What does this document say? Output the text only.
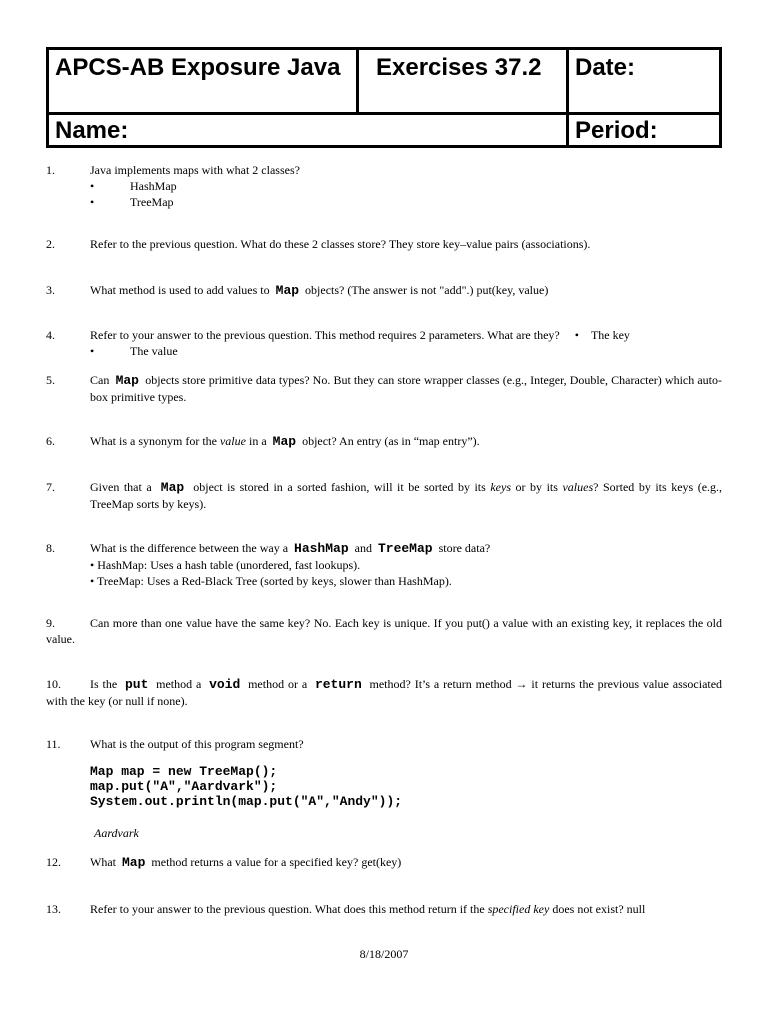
APCS-AB Exposure Java	Exercises 37.2	Date:
Name:		Period:
1.	Java implements maps with what 2 classes?
•	HashMap
•	TreeMap
2.	Refer to the previous question. What do these 2 classes store? They store key–value pairs (associations).
3.	What method is used to add values to Map objects? (The answer is not "add".) put(key, value)
4.	Refer to your answer to the previous question. This method requires 2 parameters. What are they? •    The key
•	The value
5.	Can Map objects store primitive data types? No. But they can store wrapper classes (e.g., Integer, Double, Character) which auto-box primitive types.
6.	What is a synonym for the value in a Map object? An entry (as in “map entry”).
7.	Given that a Map object is stored in a sorted fashion, will it be sorted by its keys or by its values? Sorted by its keys (e.g., TreeMap sorts by keys).
8.	What is the difference between the way a HashMap and TreeMap store data?
• HashMap: Uses a hash table (unordered, fast lookups).
• TreeMap: Uses a Red-Black Tree (sorted by keys, slower than HashMap).
9.	Can more than one value have the same key? No. Each key is unique. If you put() a value with an existing key, it replaces the old value.
10. Is the put method a void method or a return method? It’s a return method → it returns the previous value associated with the key (or null if none).
11. What is the output of this program segment?
Map map = new TreeMap();
map.put("A","Aardvark");
System.out.println(map.put("A","Andy"));
Aardvark
12. What Map method returns a value for a specified key? get(key)
13. Refer to your answer to the previous question. What does this method return if the specified key does not exist? null
8/18/2007
